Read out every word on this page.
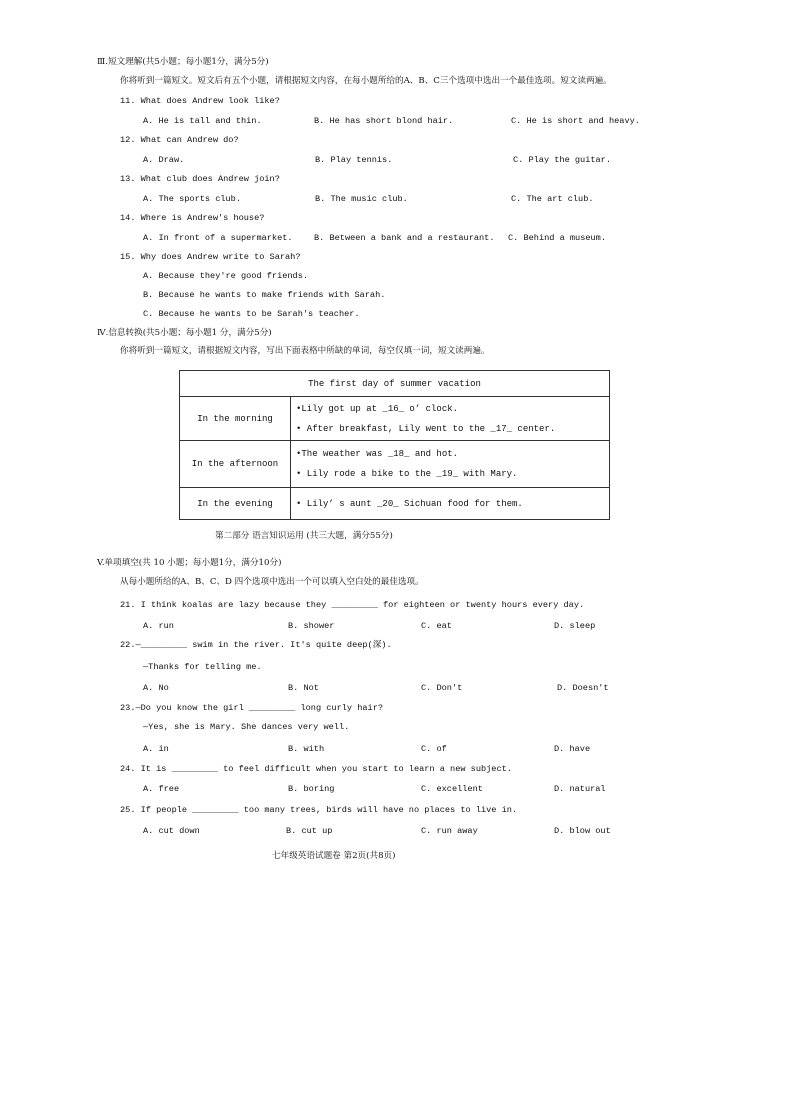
Ⅲ.短文理解(共5小题；每小题1分，满分5分)
你将听到一篇短文。短文后有五个小题，请根据短文内容，在每小题所给的A、B、C三个选项中选出一个最佳选项。短文读两遍。
11. What does Andrew look like?
A. He is tall and thin.	B. He has short blond hair.	C. He is short and heavy.
12. What can Andrew do?
A. Draw.	B. Play tennis.	C. Play the guitar.
13. What club does Andrew join?
A. The sports club.	B. The music club.	C. The art club.
14. Where is Andrew's house?
A. In front of a supermarket. B. Between a bank and a restaurant. C. Behind a museum.
15. Why does Andrew write to Sarah?
A. Because they're good friends.
B. Because he wants to make friends with Sarah.
C. Because he wants to be Sarah's teacher.
Ⅳ.信息转换(共5小题；每小题1 分，满分5分)
你将听到一篇短文，请根据短文内容，写出下面表格中所缺的单词，每空仅填一词，短文读两遍。
The first day of summer vacation	
In the morning	•Lily got up at _16_ o’ clock.
• After breakfast, Lily went to the _17_ center.

In the afternoon	•The weather was _18_ and hot.
• Lily rode a bike to the _19_ with Mary.

In the evening	• Lily’ s aunt _20_ Sichuan food for them.
第二部分 语言知识运用 (共三大题，满分55分)
V.单项填空(共 10 小题；每小题1分，满分10分)
从每小题所给的A、B、C、D 四个选项中选出一个可以填入空白处的最佳选项。
21. I think koalas are lazy because they _________ for eighteen or twenty hours every day.
A. run	B. shower	C. eat	D. sleep
22.—_________ swim in the river. It's quite deep(深).
—Thanks for telling me.
A. No	B. Not	C. Don't	D. Doesn't
23.—Do you know the girl _________ long curly hair?
—Yes, she is Mary. She dances very well.
A. in	B. with	C. of	D. have
24. It is _________ to feel difficult when you start to learn a new subject.
A. free	B. boring	C. excellent	D. natural
25. If people _________ too many trees, birds will have no places to live in.
A. cut down	B. cut up	C. run away	D. blow out
七年级英语试题卷 第2页(共8页)
